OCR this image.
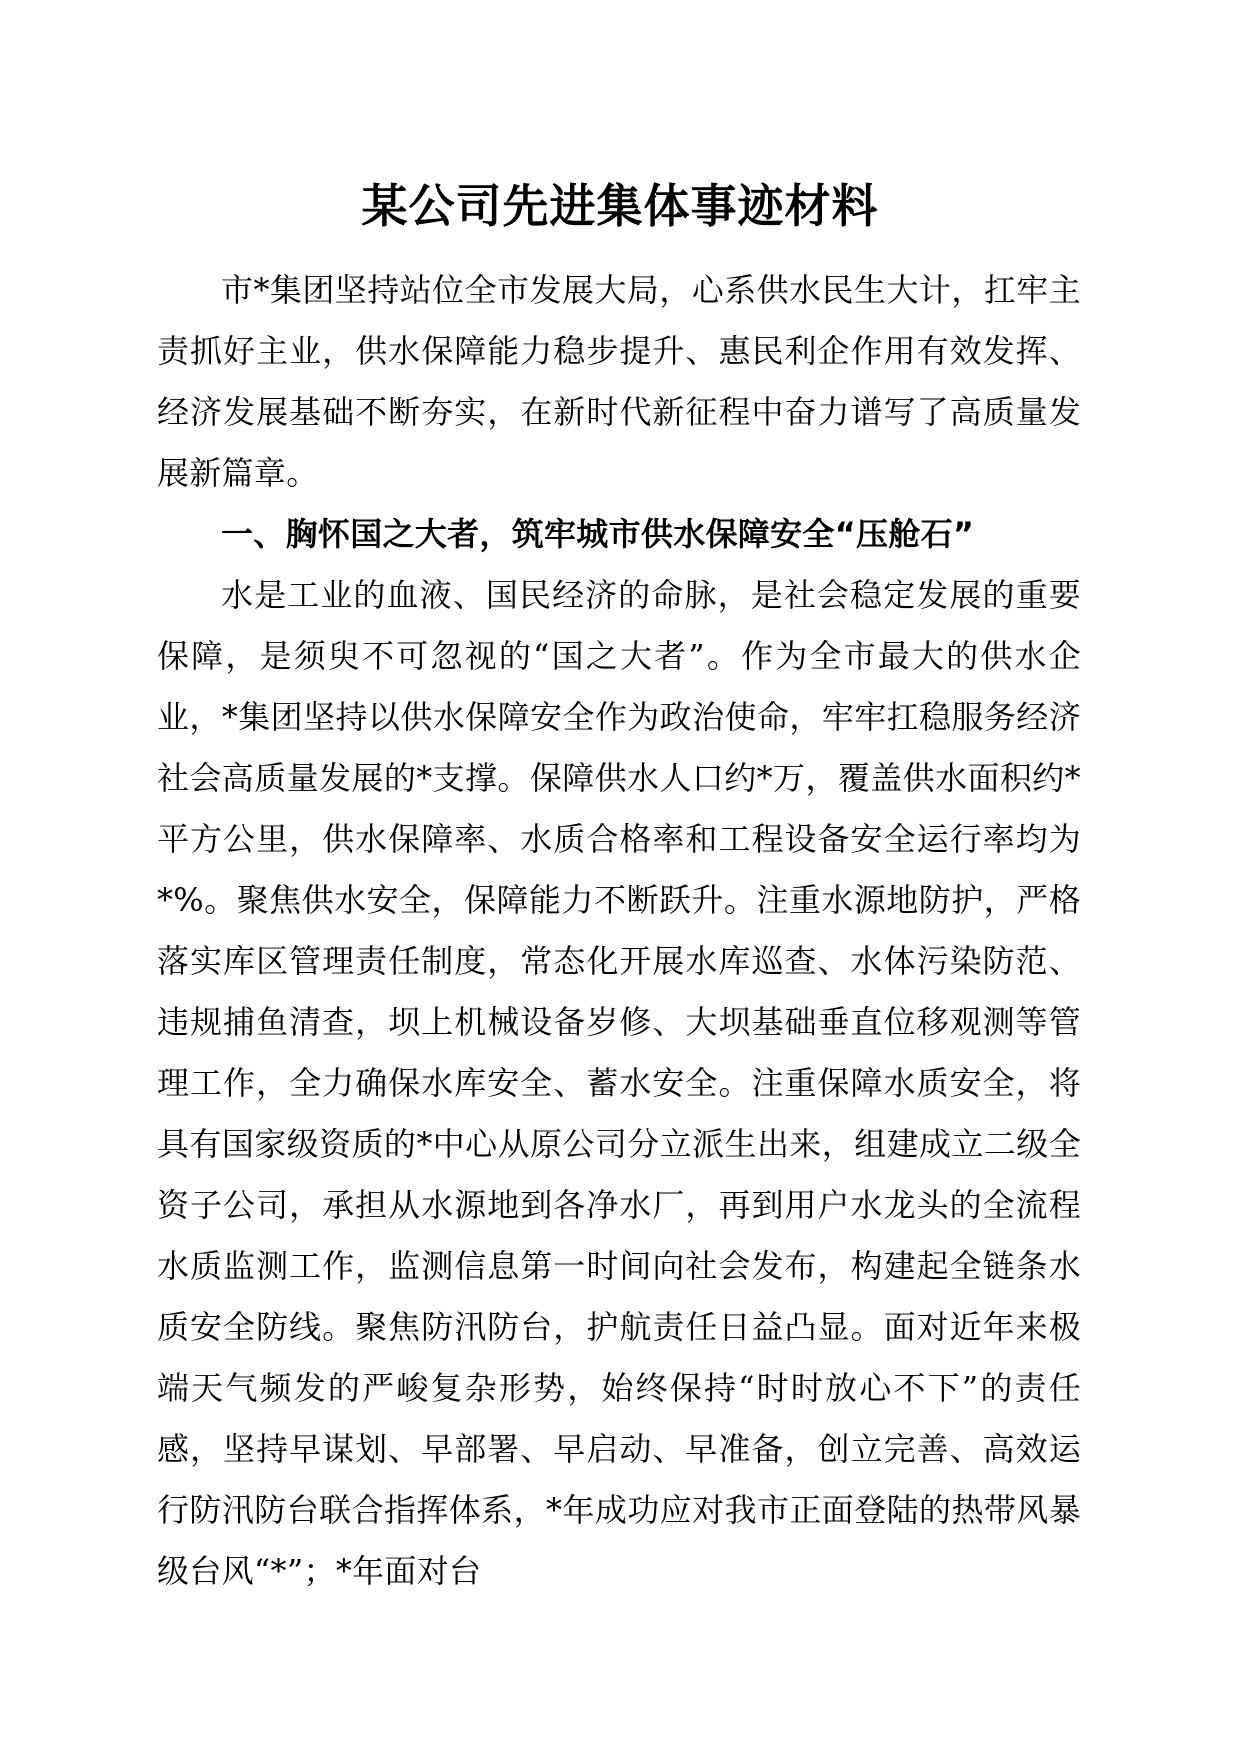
某公司先进集体事迹材料

市*集团坚持站位全市发展大局，心系供水民生大计，扛牢主责抓好主业，供水保障能力稳步提升、惠民利企作用有效发挥、经济发展基础不断夯实，在新时代新征程中奋力谱写了高质量发展新篇章。

一、胸怀国之大者，筑牢城市供水保障安全“压舱石”

水是工业的血液、国民经济的命脉，是社会稳定发展的重要保障，是须臾不可忽视的“国之大者”。作为全市最大的供水企业，*集团坚持以供水保障安全作为政治使命，牢牢扛稳服务经济社会高质量发展的*支撑。保障供水人口约*万，覆盖供水面积约*平方公里，供水保障率、水质合格率和工程设备安全运行率均为*%。聚焦供水安全，保障能力不断跃升。注重水源地防护，严格落实库区管理责任制度，常态化开展水库巡查、水体污染防范、违规捕鱼清查，坝上机械设备岁修、大坝基础垂直位移观测等管理工作，全力确保水库安全、蓄水安全。注重保障水质安全，将具有国家级资质的*中心从原公司分立派生出来，组建成立二级全资子公司，承担从水源地到各净水厂，再到用户水龙头的全流程水质监测工作，监测信息第一时间向社会发布，构建起全链条水质安全防线。聚焦防汛防台，护航责任日益凸显。面对近年来极端天气频发的严峻复杂形势，始终保持“时时放心不下”的责任感，坚持早谋划、早部署、早启动、早准备，创立完善、高效运行防汛防台联合指挥体系，*年成功应对我市正面登陆的热带风暴级台风“*”；*年面对台
